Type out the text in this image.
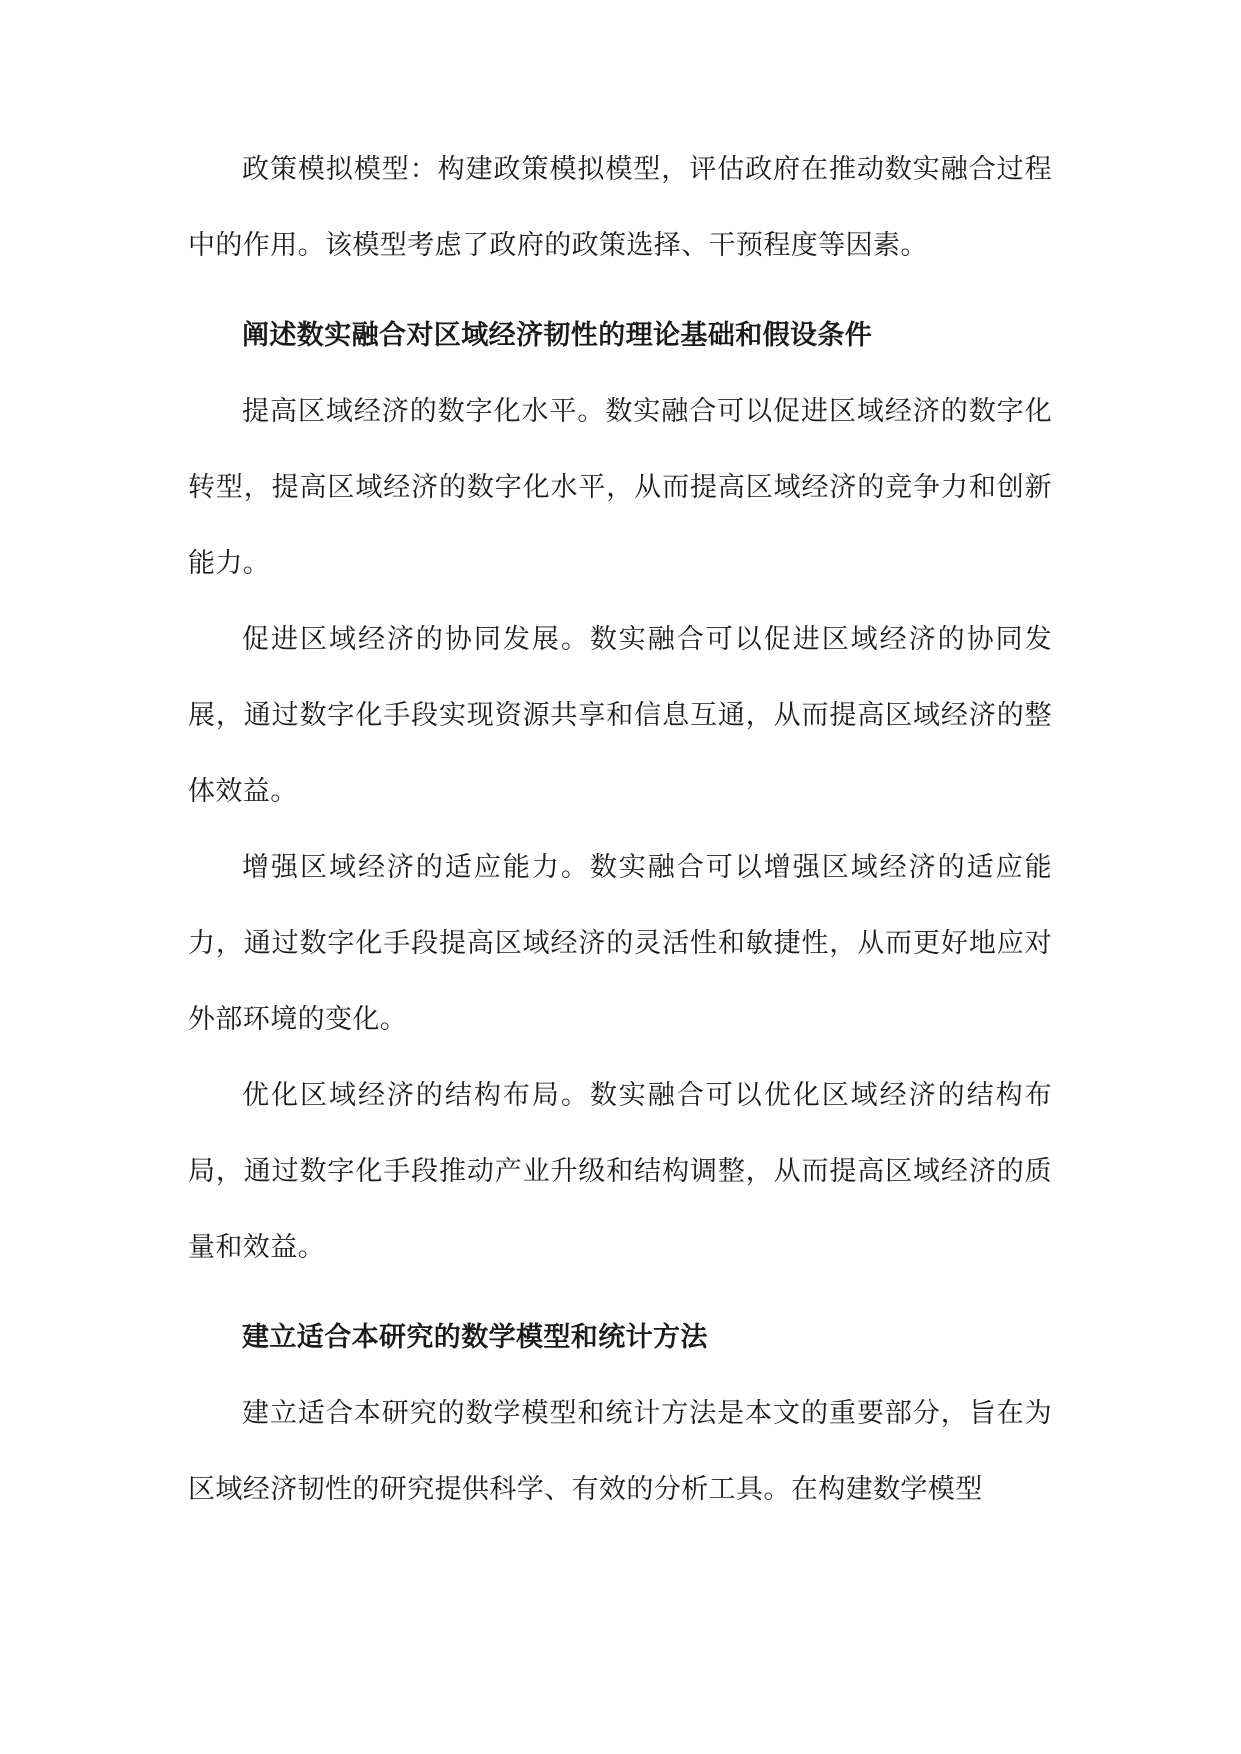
政策模拟模型：构建政策模拟模型，评估政府在推动数实融合过程中的作用。该模型考虑了政府的政策选择、干预程度等因素。

阐述数实融合对区域经济韧性的理论基础和假设条件

提高区域经济的数字化水平。数实融合可以促进区域经济的数字化转型，提高区域经济的数字化水平，从而提高区域经济的竞争力和创新能力。

促进区域经济的协同发展。数实融合可以促进区域经济的协同发展，通过数字化手段实现资源共享和信息互通，从而提高区域经济的整体效益。

增强区域经济的适应能力。数实融合可以增强区域经济的适应能力，通过数字化手段提高区域经济的灵活性和敏捷性，从而更好地应对外部环境的变化。

优化区域经济的结构布局。数实融合可以优化区域经济的结构布局，通过数字化手段推动产业升级和结构调整，从而提高区域经济的质量和效益。

建立适合本研究的数学模型和统计方法

建立适合本研究的数学模型和统计方法是本文的重要部分，旨在为区域经济韧性的研究提供科学、有效的分析工具。在构建数学模型
